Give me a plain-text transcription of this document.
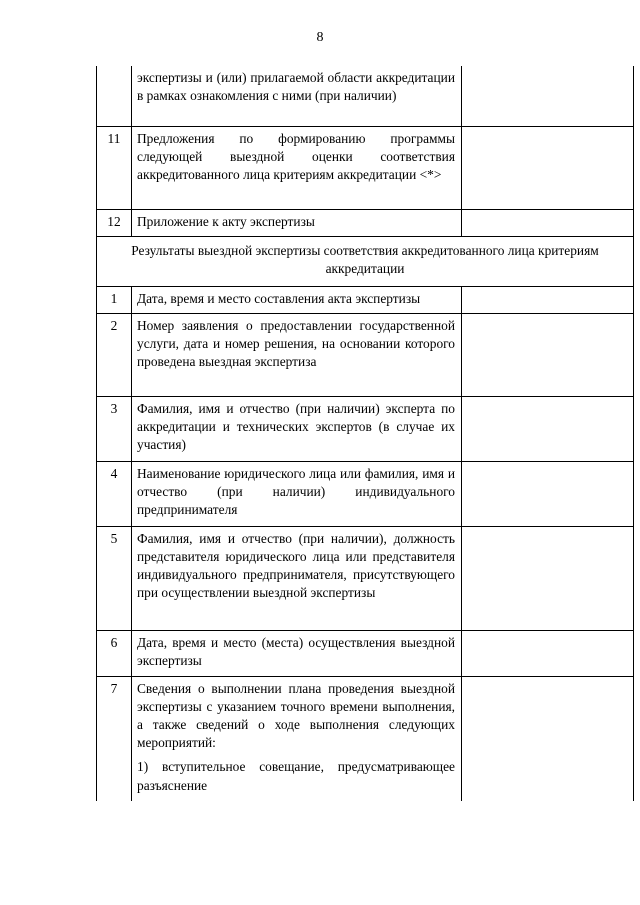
8
	экспертизы и (или) прилагаемой области аккредитации в рамках ознакомления с ними (при наличии)	
11	Предложения по формированию программы следующей выездной оценки соответствия аккредитованного лица критериям аккредитации <*>	
12	Приложение к акту экспертизы	
Результаты выездной экспертизы соответствия аккредитованного лица критериям аккредитации		
1	Дата, время и место составления акта экспертизы	
2	Номер заявления о предоставлении государственной услуги, дата и номер решения, на основании которого проведена выездная экспертиза	
3	Фамилия, имя и отчество (при наличии) эксперта по аккредитации и технических экспертов (в случае их участия)	
4	Наименование юридического лица или фамилия, имя и отчество (при наличии) индивидуального предпринимателя	
5	Фамилия, имя и отчество (при наличии), должность представителя юридического лица или представителя индивидуального предпринимателя, присутствующего при осуществлении выездной экспертизы	
6	Дата, время и место (места) осуществления выездной экспертизы	
7	Сведения о выполнении плана проведения выездной экспертизы с указанием точного времени выполнения, а также сведений о ходе выполнения следующих мероприятий:

1) вступительное совещание, предусматривающее разъяснение	
